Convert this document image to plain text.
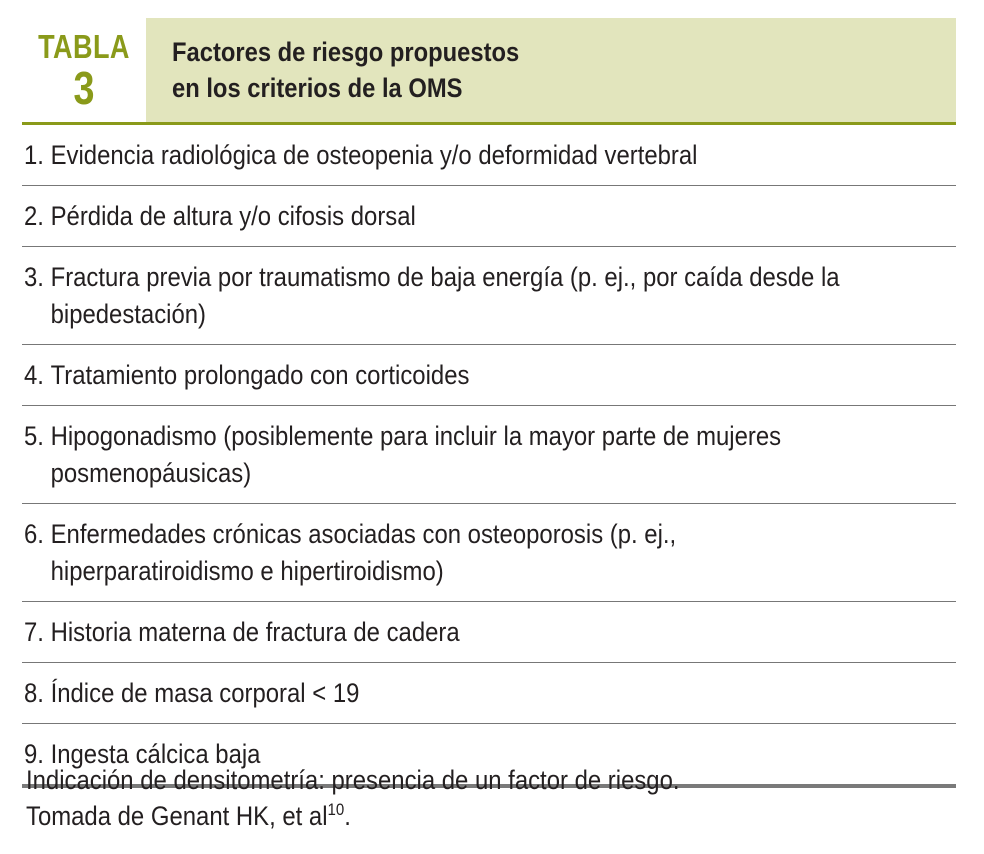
TABLA
3
Factores de riesgo propuestos
en los criterios de la OMS
1. Evidencia radiológica de osteopenia y/o deformidad vertebral
2. Pérdida de altura y/o cifosis dorsal
3. Fractura previa por traumatismo de baja energía (p. ej., por caída desde la bipedestación)
4. Tratamiento prolongado con corticoides
5. Hipogonadismo (posiblemente para incluir la mayor parte de mujeres posmenopáusicas)
6. Enfermedades crónicas asociadas con osteoporosis (p. ej., hiperparatiroidismo e hipertiroidismo)
7. Historia materna de fractura de cadera
8. Índice de masa corporal < 19
9. Ingesta cálcica baja
Indicación de densitometría: presencia de un factor de riesgo.
Tomada de Genant HK, et $al^{10}$.
